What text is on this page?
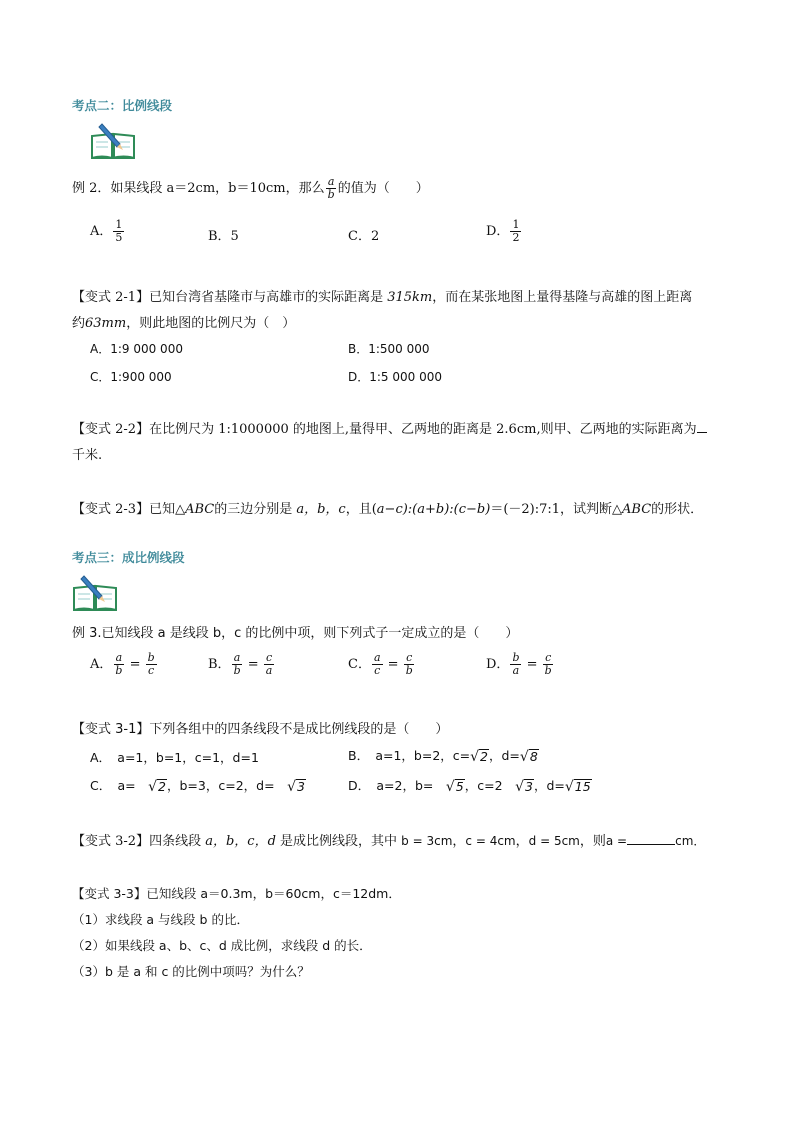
考点二：比例线段
例 2．如果线段 a＝2cm，b＝10cm，那么 $\frac{a}{b}$ 的值为（　　）
A． $\frac{1}{5}$	B．5	C．2	D． $\frac{1}{2}$
【变式 2-1】已知台湾省基隆市与高雄市的实际距离是 315km，而在某张地图上量得基隆与高雄的图上距离
约63mm，则此地图的比例尺为（　）
A．1:9 000 000	B．1:500 000
C．1:900 000	D．1:5 000 000
【变式 2-2】在比例尺为 1:1000000 的地图上,量得甲、乙两地的距离是 2.6cm,则甲、乙两地的实际距离为
千米.
【变式 2-3】已知△ABC的三边分别是 a，b，c，且(a−c):(a+b):(c−b)＝(－2):7:1，试判断△ABC的形状．
考点三：成比例线段
例 3.已知线段 a 是线段 b，c 的比例中项，则下列式子一定成立的是（　　）
A． $\frac{a}{b} = \frac{b}{c}$	B． $\frac{a}{b} = \frac{c}{a}$	C． $\frac{a}{c} = \frac{c}{b}$	D． $\frac{b}{a} = \frac{c}{b}$
【变式 3-1】下列各组中的四条线段不是成比例线段的是（　　）
A．　a=1，b=1，c=1，d=1	B．　a=1，b=2，c= √ 2 ，d= √ 8
C．　a=　 √ 2 ，b=3，c=2，d=　 √ 3	D．　a=2，b=　 √ 5 ，c=2　 √ 3 ，d= √ 15
【变式 3-2】四条线段 a，b，c，d 是成比例线段，其中 b = 3cm，c = 4cm，d = 5cm，则a =	cm．
【变式 3-3】已知线段 a＝0.3m，b＝60cm，c＝12dm．
（1）求线段 a 与线段 b 的比．
（2）如果线段 a、b、c、d 成比例，求线段 d 的长．
（3）b 是 a 和 c 的比例中项吗？为什么？
